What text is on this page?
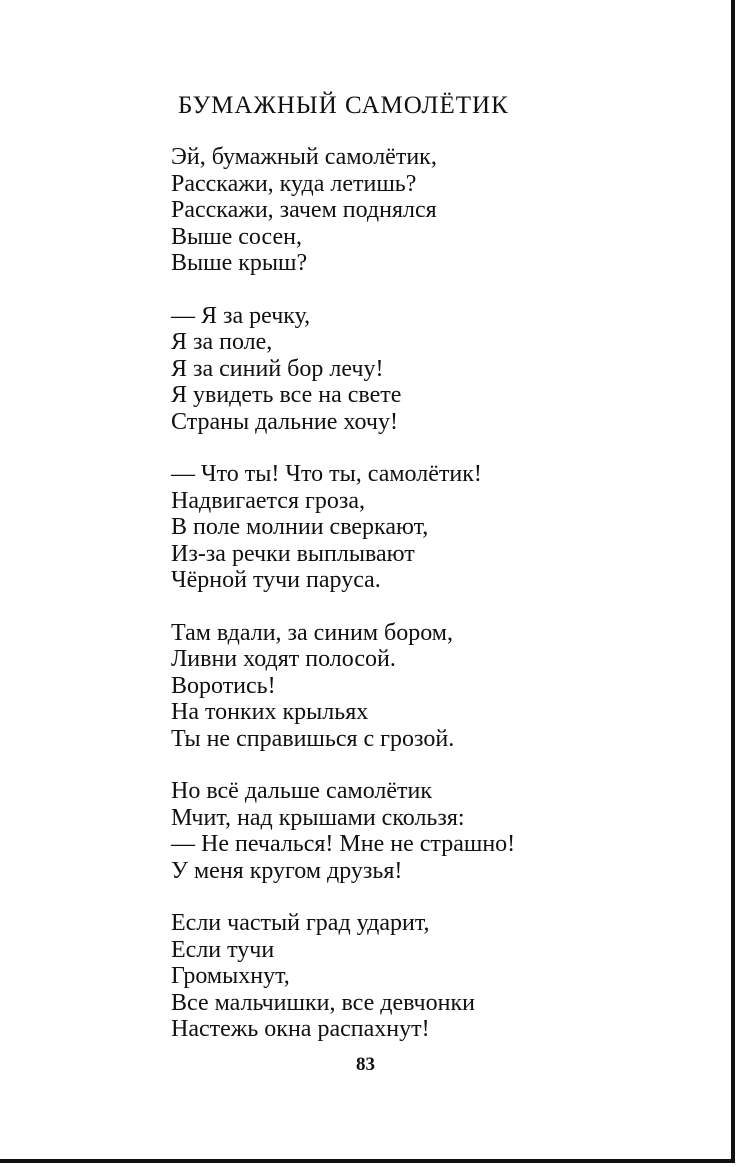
БУМАЖНЫЙ САМОЛЁТИК
Эй, бумажный самолётик,
Расскажи, куда летишь?
Расскажи, зачем поднялся
Выше сосен,
Выше крыш?
— Я за речку,
Я за поле,
Я за синий бор лечу!
Я увидеть все на свете
Страны дальние хочу!
— Что ты! Что ты, самолётик!
Надвигается гроза,
В поле молнии сверкают,
Из-за речки выплывают
Чёрной тучи паруса.
Там вдали, за синим бором,
Ливни ходят полосой.
Воротись!
На тонких крыльях
Ты не справишься с грозой.
Но всё дальше самолётик
Мчит, над крышами скользя:
— Не печалься! Мне не страшно!
У меня кругом друзья!
Если частый град ударит,
Если тучи
Громыхнут,
Все мальчишки, все девчонки
Настежь окна распахнут!
83
